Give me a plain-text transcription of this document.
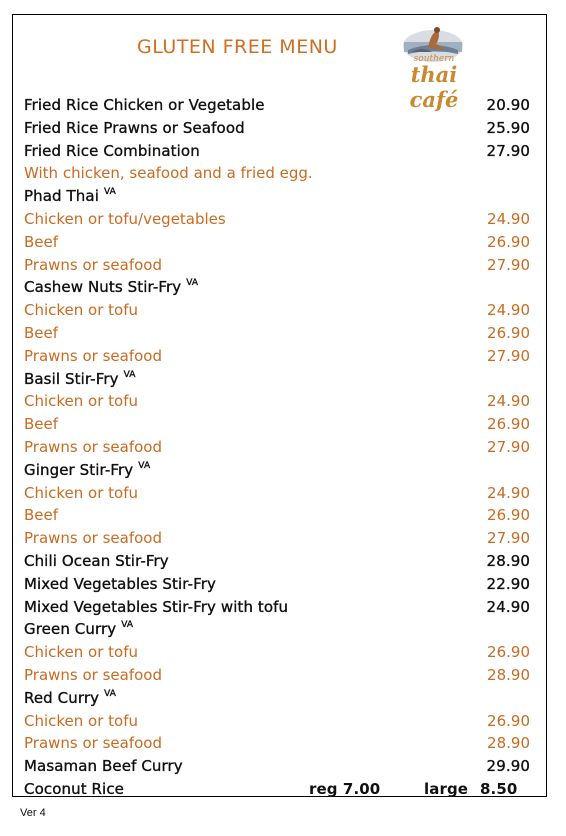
GLUTEN FREE MENU
southern
thai café
Fried Rice Chicken or Vegetable	20.90
Fried Rice Prawns or Seafood	25.90
Fried Rice Combination	27.90
With chicken, seafood and a fried egg.
Phad Thai $^{VA}$
Chicken or tofu/vegetables	24.90
Beef	26.90
Prawns or seafood	27.90
Cashew Nuts Stir-Fry $^{VA}$
Chicken or tofu	24.90
Beef	26.90
Prawns or seafood	27.90
Basil Stir-Fry $^{VA}$
Chicken or tofu	24.90
Beef	26.90
Prawns or seafood	27.90
Ginger Stir-Fry $^{VA}$
Chicken or tofu	24.90
Beef	26.90
Prawns or seafood	27.90
Chili Ocean Stir-Fry	28.90
Mixed Vegetables Stir-Fry	22.90
Mixed Vegetables Stir-Fry with tofu	24.90
Green Curry $^{VA}$
Chicken or tofu	26.90
Prawns or seafood	28.90
Red Curry $^{VA}$
Chicken or tofu	26.90
Prawns or seafood	28.90
Masaman Beef Curry	29.90
Coconut Rice	reg 7.00	large 8.50
Ver 4
